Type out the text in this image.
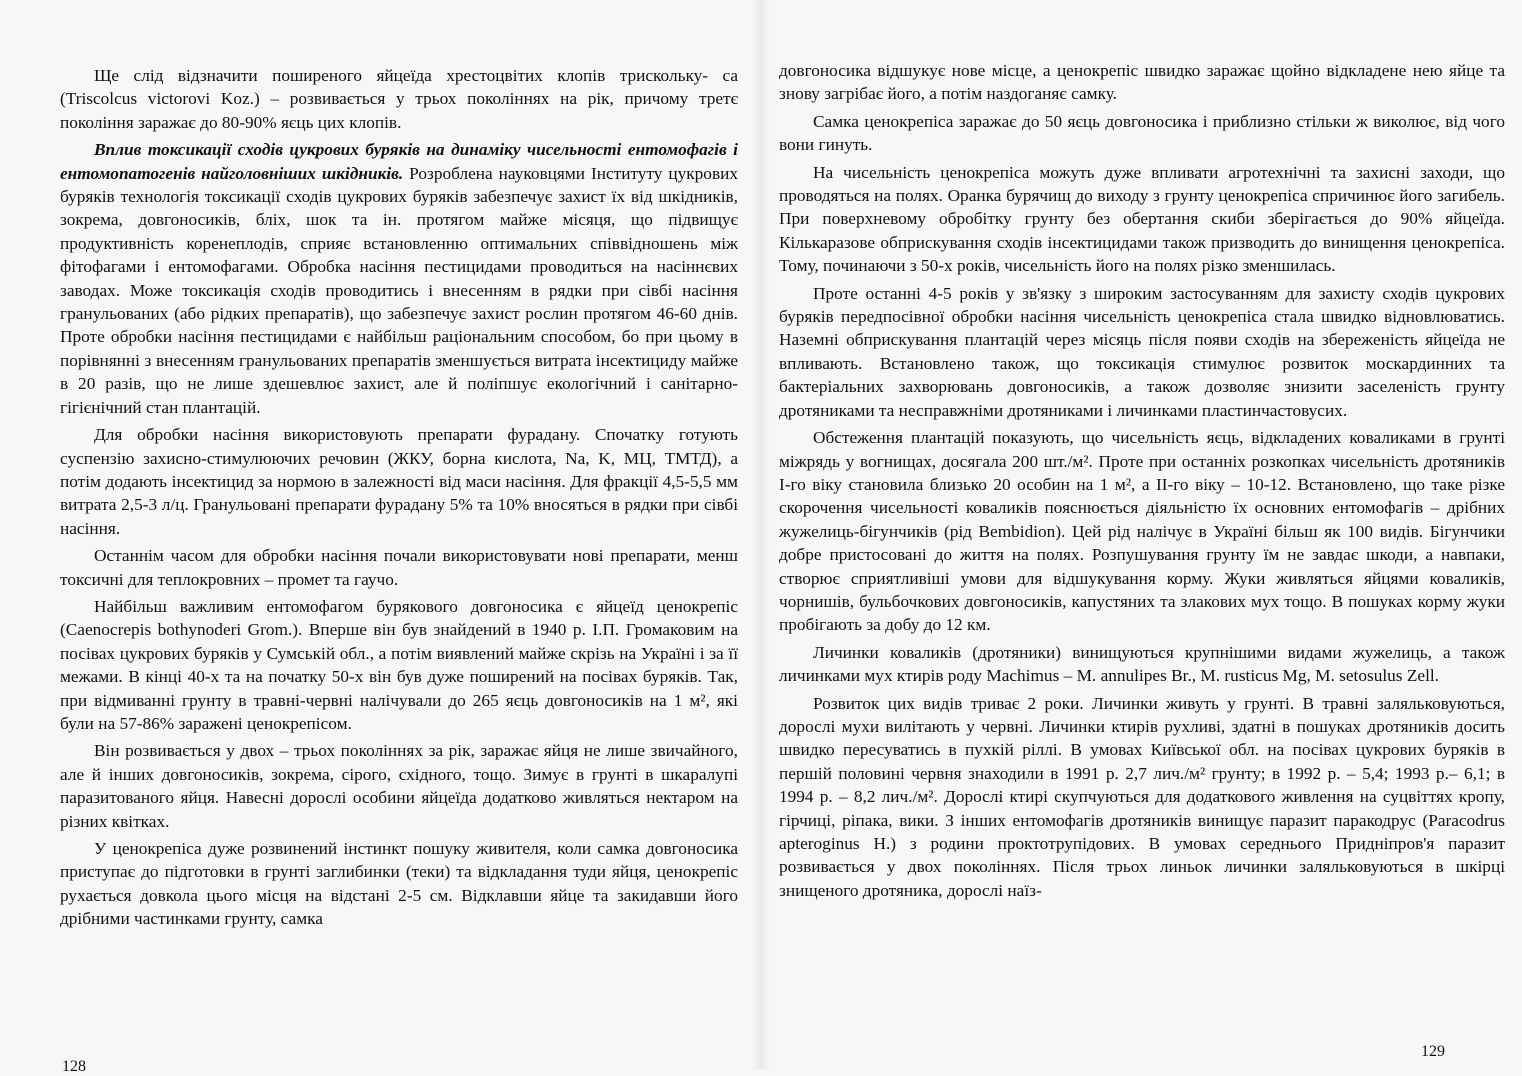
Ще слід відзначити поширеного яйцеїда хрестоцвітих клопів трискольку- са (Triscolcus victorovi Koz.) – розвивається у трьох поколіннях на рік, причому третє покоління заражає до 80-90% яєць цих клопів.

Вплив токсикації сходів цукрових буряків на динаміку чисельності ентомофагів і ентомопатогенів найголовніших шкідників. Розроблена науковцями Інституту цукрових буряків технологія токсикації сходів цукрових буряків забезпечує захист їх від шкідників, зокрема, довгоносиків, бліх, шок та ін. протягом майже місяця, що підвищує продуктивність коренеплодів, сприяє встановленню оптимальних співвідношень між фітофагами і ентомофагами. Обробка насіння пестицидами проводиться на насіннєвих заводах. Може токсикація сходів проводитись і внесенням в рядки при сівбі насіння гранульованих (або рідких препаратів), що забезпечує захист рослин протягом 46-60 днів. Проте обробки насіння пестицидами є найбільш раціональним способом, бо при цьому в порівнянні з внесенням гранульованих препаратів зменшується витрата інсектициду майже в 20 разів, що не лише здешевлює захист, але й поліпшує екологічний і санітарно-гігієнічний стан плантацій.

Для обробки насіння використовують препарати фурадану. Спочатку готують суспензію захисно-стимулюючих речовин (ЖКУ, борна кислота, Na, K, МЦ, ТМТД), а потім додають інсектицид за нормою в залежності від маси насіння. Для фракції 4,5-5,5 мм витрата 2,5-3 л/ц. Гранульовані препарати фурадану 5% та 10% вносяться в рядки при сівбі насіння.

Останнім часом для обробки насіння почали використовувати нові препарати, менш токсичні для теплокровних – промет та гаучо.

Найбільш важливим ентомофагом бурякового довгоносика є яйцеїд ценокрепіс (Caenocrepis bothynoderi Grom.). Вперше він був знайдений в 1940 р. І.П. Громаковим на посівах цукрових буряків у Сумській обл., а потім виявлений майже скрізь на Україні і за її межами. В кінці 40-х та на початку 50-х він був дуже поширений на посівах буряків. Так, при відмиванні грунту в травні-червні налічували до 265 яєць довгоносиків на 1 м², які були на 57-86% заражені ценокрепісом.

Він розвивається у двох – трьох поколіннях за рік, заражає яйця не лише звичайного, але й інших довгоносиків, зокрема, сірого, східного, тощо. Зимує в грунті в шкаралупі паразитованого яйця. Навесні дорослі особини яйцеїда додатково живляться нектаром на різних квітках.

У ценокрепіса дуже розвинений інстинкт пошуку живителя, коли самка довгоносика приступає до підготовки в грунті заглибинки (теки) та відкладання туди яйця, ценокрепіс рухається довкола цього місця на відстані 2-5 см. Відклавши яйце та закидавши його дрібними частинками грунту, самка

128

довгоносика відшукує нове місце, а ценокрепіс швидко заражає щойно відкладене нею яйце та знову загрібає його, а потім наздоганяє самку.

Самка ценокрепіса заражає до 50 яєць довгоносика і приблизно стільки ж виколює, від чого вони гинуть.

На чисельність ценокрепіса можуть дуже впливати агротехнічні та захисні заходи, що проводяться на полях. Оранка бурячищ до виходу з грунту ценокрепіса спричинює його загибель. При поверхневому обробітку грунту без обертання скиби зберігається до 90% яйцеїда. Кількаразове обприскування сходів інсектицидами також призводить до винищення ценокрепіса. Тому, починаючи з 50-х років, чисельність його на полях різко зменшилась.

Проте останні 4-5 років у зв'язку з широким застосуванням для захисту сходів цукрових буряків передпосівної обробки насіння чисельність ценокрепіса стала швидко відновлюватись. Наземні обприскування плантацій через місяць після появи сходів на збереженість яйцеїда не впливають. Встановлено також, що токсикація стимулює розвиток москардинних та бактеріальних захворювань довгоносиків, а також дозволяє знизити заселеність грунту дротяниками та несправжніми дротяниками і личинками пластинчастовусих.

Обстеження плантацій показують, що чисельність яєць, відкладених коваликами в грунті міжрядь у вогнищах, досягала 200 шт./м². Проте при останніх розкопках чисельність дротяників І-го віку становила близько 20 особин на 1 м², а ІІ-го віку – 10-12. Встановлено, що таке різке скорочення чисельності коваликів пояснюється діяльністю їх основних ентомофагів – дрібних жужелиць-бігунчиків (рід Bembidion). Цей рід налічує в Україні більш як 100 видів. Бігунчики добре пристосовані до життя на полях. Розпушування грунту їм не завдає шкоди, а навпаки, створює сприятливіші умови для відшукування корму. Жуки живляться яйцями коваликів, чорнишів, бульбочкових довгоносиків, капустяних та злакових мух тощо. В пошуках корму жуки пробігають за добу до 12 км.

Личинки коваликів (дротяники) винищуються крупнішими видами жужелиць, а також личинками мух ктирів роду Machimus – M. annulipes Br., M. rusticus Mg, M. setosulus Zell.

Розвиток цих видів триває 2 роки. Личинки живуть у грунті. В травні заляльковуються, дорослі мухи вилітають у червні. Личинки ктирів рухливі, здатні в пошуках дротяників досить швидко пересуватись в пухкій ріллі. В умовах Київської обл. на посівах цукрових буряків в першій половині червня знаходили в 1991 р. 2,7 лич./м² грунту; в 1992 р. – 5,4; 1993 р.– 6,1; в 1994 р. – 8,2 лич./м². Дорослі ктирі скупчуються для додаткового живлення на суцвіттях кропу, гірчиці, ріпака, вики. З інших ентомофагів дротяників винищує паразит паракодрус (Paracodrus apteroginus H.) з родини проктотрупідових. В умовах середнього Придніпров'я паразит розвивається у двох поколіннях. Після трьох линьок личинки заляльковуються в шкірці знищеного дротяника, дорослі наїз-

129
